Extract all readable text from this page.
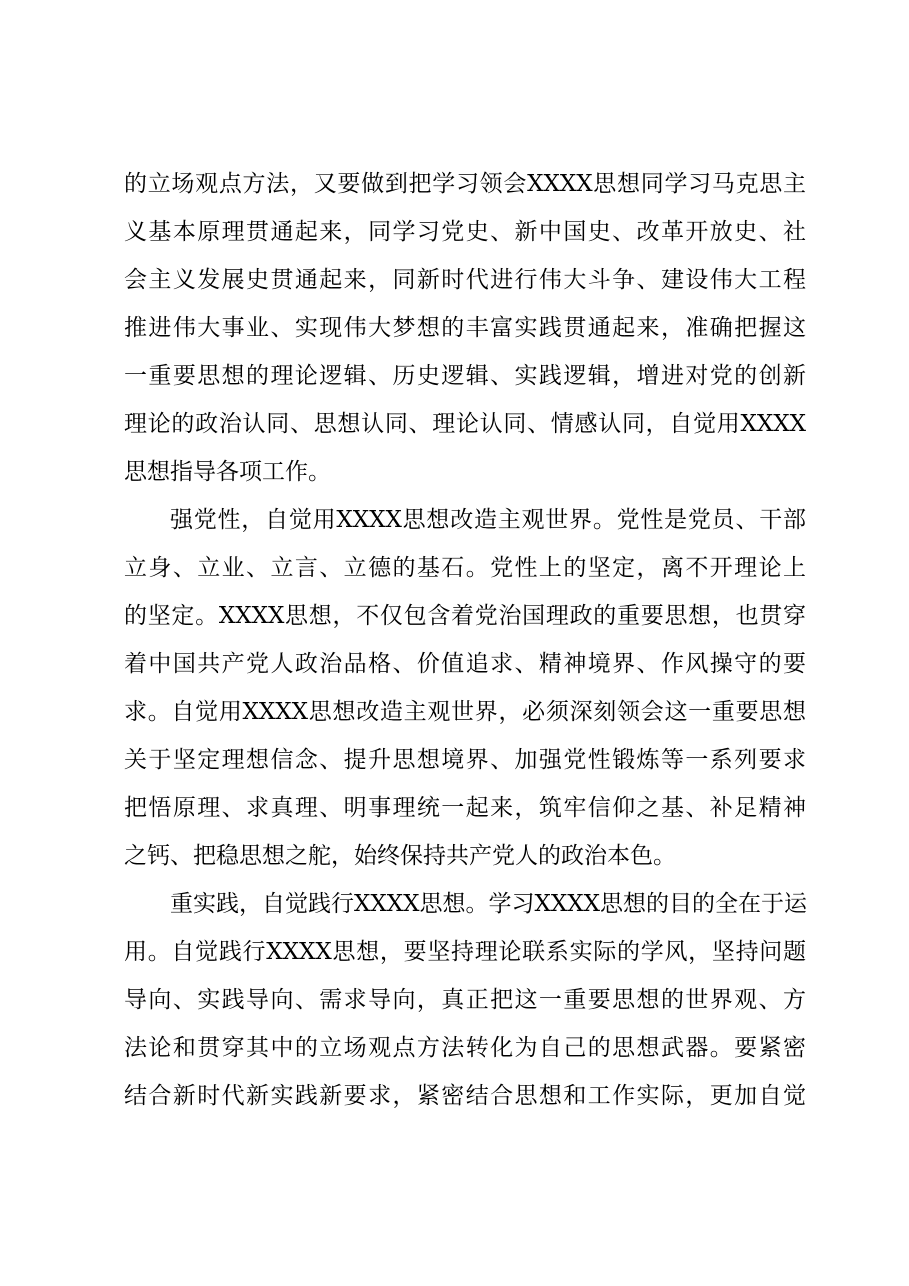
的立场观点方法，又要做到把学习领会XXXX思想同学习马克思主
义基本原理贯通起来，同学习党史、新中国史、改革开放史、社
会主义发展史贯通起来，同新时代进行伟大斗争、建设伟大工程
推进伟大事业、实现伟大梦想的丰富实践贯通起来，准确把握这
一重要思想的理论逻辑、历史逻辑、实践逻辑，增进对党的创新
理论的政治认同、思想认同、理论认同、情感认同，自觉用XXXX
思想指导各项工作。
强党性，自觉用XXXX思想改造主观世界。党性是党员、干部
立身、立业、立言、立德的基石。党性上的坚定，离不开理论上
的坚定。XXXX思想，不仅包含着党治国理政的重要思想，也贯穿
着中国共产党人政治品格、价值追求、精神境界、作风操守的要
求。自觉用XXXX思想改造主观世界，必须深刻领会这一重要思想
关于坚定理想信念、提升思想境界、加强党性锻炼等一系列要求
把悟原理、求真理、明事理统一起来，筑牢信仰之基、补足精神
之钙、把稳思想之舵，始终保持共产党人的政治本色。
重实践，自觉践行XXXX思想。学习XXXX思想的目的全在于运
用。自觉践行XXXX思想，要坚持理论联系实际的学风，坚持问题
导向、实践导向、需求导向，真正把这一重要思想的世界观、方
法论和贯穿其中的立场观点方法转化为自己的思想武器。要紧密
结合新时代新实践新要求，紧密结合思想和工作实际，更加自觉
